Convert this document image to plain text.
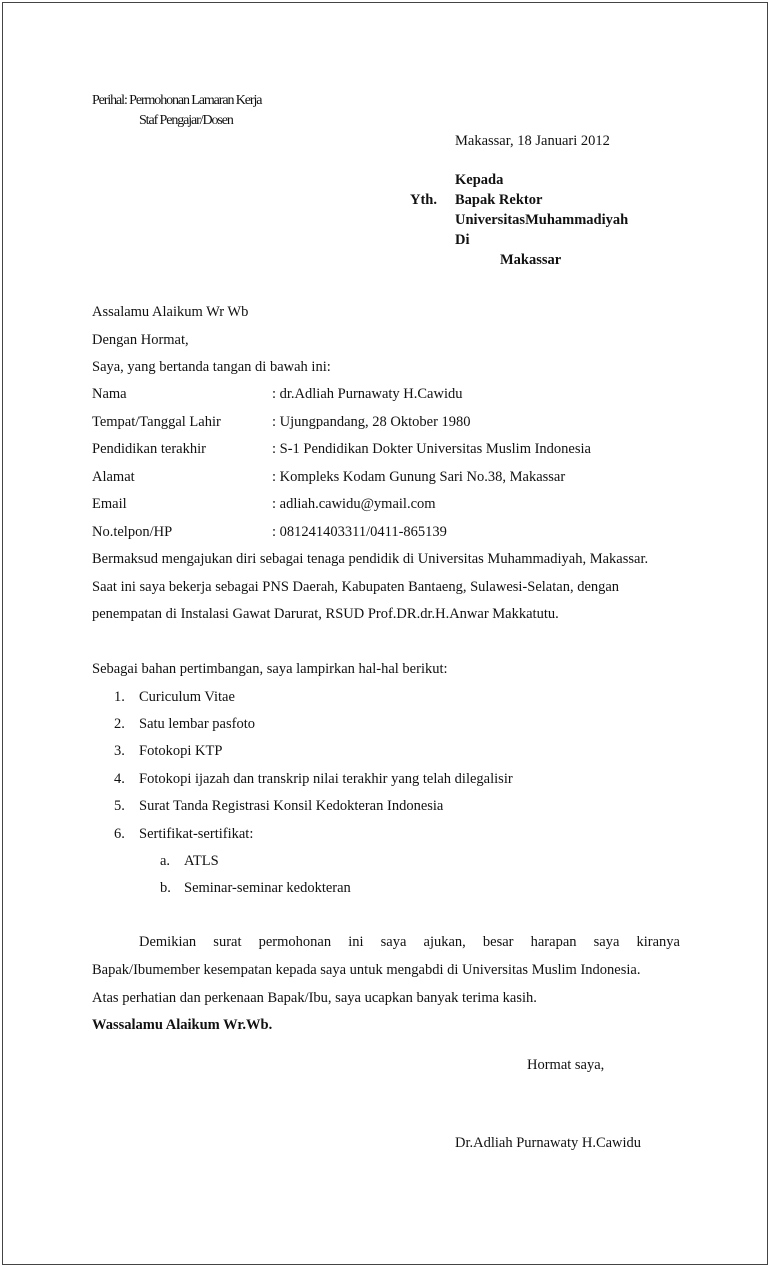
Perihal: Permohonan Lamaran Kerja
Staf Pengajar/Dosen
Makassar, 18 Januari 2012
Kepada
Yth. Bapak Rektor
UniversitasMuhammadiyah
Di
Makassar
Assalamu Alaikum Wr Wb
Dengan Hormat,
Saya, yang bertanda tangan di bawah ini:
Nama	: dr.Adliah Purnawaty H.Cawidu
Tempat/Tanggal Lahir	: Ujungpandang, 28 Oktober 1980
Pendidikan terakhir	: S-1 Pendidikan Dokter Universitas Muslim Indonesia
Alamat	: Kompleks Kodam Gunung Sari No.38, Makassar
Email	: adliah.cawidu@ymail.com
No.telpon/HP	: 081241403311/0411-865139
Bermaksud mengajukan diri sebagai tenaga pendidik di Universitas Muhammadiyah, Makassar.
Saat ini saya bekerja sebagai PNS Daerah, Kabupaten Bantaeng, Sulawesi-Selatan, dengan
penempatan di Instalasi Gawat Darurat, RSUD Prof.DR.dr.H.Anwar Makkatutu.
Sebagai bahan pertimbangan, saya lampirkan hal-hal berikut:
1. Curiculum Vitae
2. Satu lembar pasfoto
3. Fotokopi KTP
4. Fotokopi ijazah dan transkrip nilai terakhir yang telah dilegalisir
5. Surat Tanda Registrasi Konsil Kedokteran Indonesia
6. Sertifikat-sertifikat:
a. ATLS
b. Seminar-seminar kedokteran
Demikian surat permohonan ini saya ajukan, besar harapan saya kiranya
Bapak/Ibumember kesempatan kepada saya untuk mengabdi di Universitas Muslim Indonesia.
Atas perhatian dan perkenaan Bapak/Ibu, saya ucapkan banyak terima kasih.
Wassalamu Alaikum Wr.Wb.
Hormat saya,
Dr.Adliah Purnawaty H.Cawidu
